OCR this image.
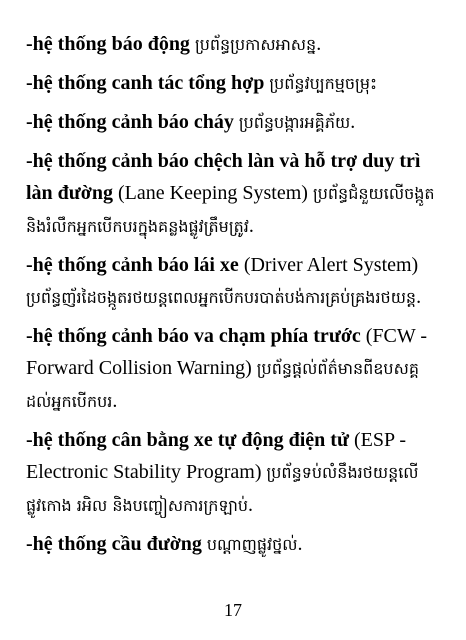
-hệ thống báo động ប្រព័ន្ធប្រកាសអាសន្ន.
-hệ thống canh tác tổng hợp ប្រព័ន្ធវប្បកម្មចម្រុះ
-hệ thống cảnh báo cháy ប្រព័ន្ធបង្ការអគ្គិភ័យ.
-hệ thống cảnh báo chệch làn và hỗ trợ duy trì làn đường (Lane Keeping System) ប្រព័ន្ធជំនួយលើចង្កូតនិងរំលឹកអ្នកបើកបរក្នុងគន្លងផ្លូវត្រឹមត្រូវ.
-hệ thống cảnh báo lái xe (Driver Alert System) ប្រព័ន្ធញ័រដៃចង្កូតរថយន្តពេលអ្នកបើកបរបាត់បង់ការគ្រប់គ្រងរថយន្ត.
-hệ thống cảnh báo va chạm phía trước (FCW - Forward Collision Warning) ប្រព័ន្ធផ្តល់ព័ត៌មានពីឧបសគ្គដល់អ្នកបើកបរ.
-hệ thống cân bằng xe tự động điện tử (ESP - Electronic Stability Program) ប្រព័ន្ធទប់លំនឹងរថយន្តលើផ្លូវកោង រអិល និងបញ្ចៀសការក្រឡាប់.
-hệ thống cầu đường បណ្តាញផ្លូវថ្នល់.
17
